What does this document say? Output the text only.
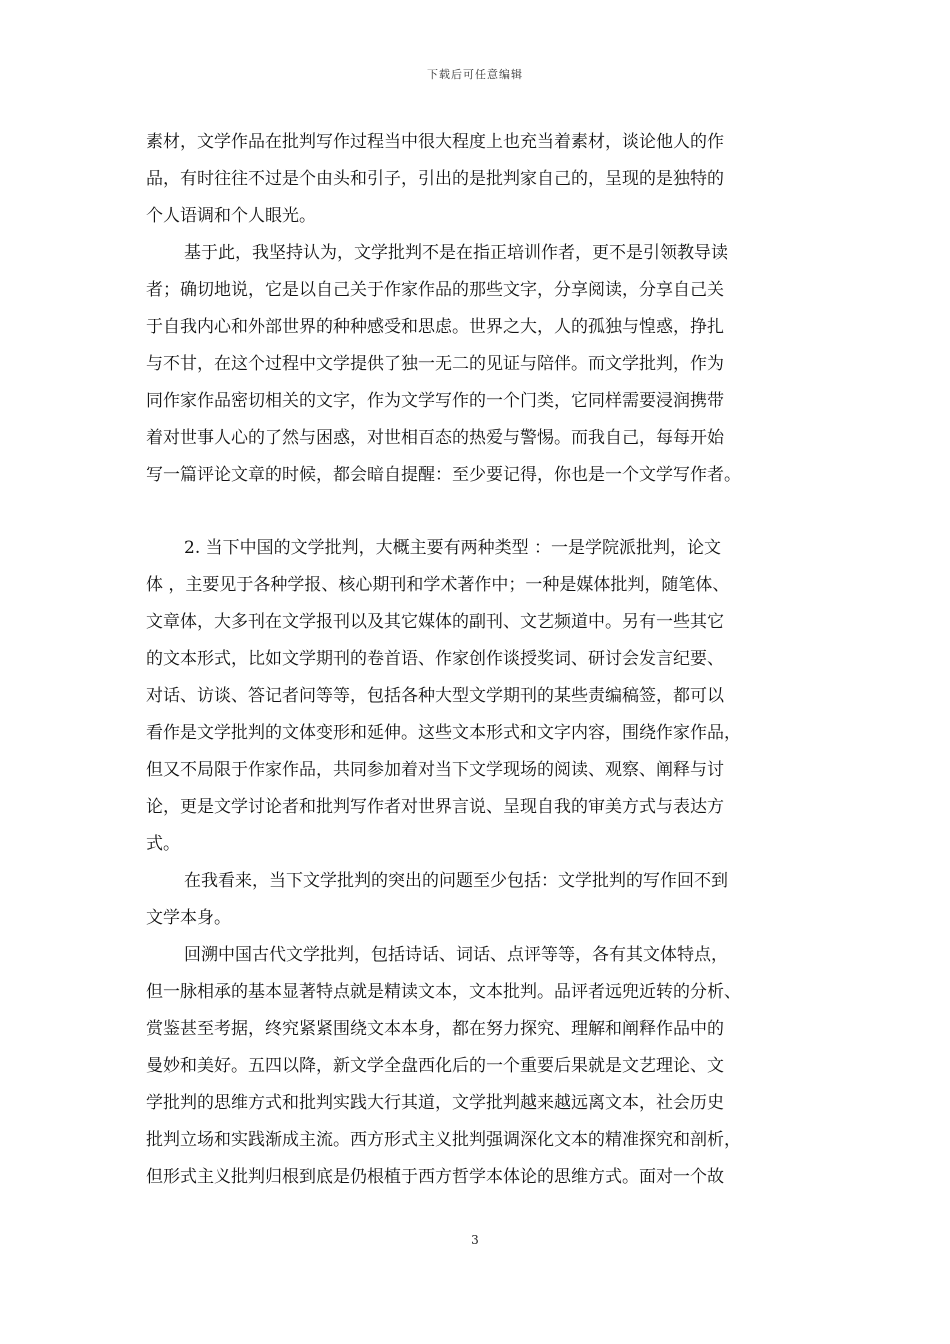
下载后可任意编辑
素材，文学作品在批判写作过程当中很大程度上也充当着素材，谈论他人的作
品，有时往往不过是个由头和引子，引出的是批判家自己的，呈现的是独特的
个人语调和个人眼光。
基于此，我坚持认为，文学批判不是在指正培训作者，更不是引领教导读
者；确切地说，它是以自己关于作家作品的那些文字，分享阅读，分享自己关
于自我内心和外部世界的种种感受和思虑。世界之大，人的孤独与惶惑，挣扎
与不甘，在这个过程中文学提供了独一无二的见证与陪伴。而文学批判，作为
同作家作品密切相关的文字，作为文学写作的一个门类，它同样需要浸润携带
着对世事人心的了然与困惑，对世相百态的热爱与警惕。而我自己，每每开始
写一篇评论文章的时候，都会暗自提醒：至少要记得，你也是一个文学写作者。
2. 当下中国的文学批判，大概主要有两种类型 ：一是学院派批判，论文
体 ，主要见于各种学报、核心期刊和学术著作中；一种是媒体批判，随笔体、
文章体，大多刊在文学报刊以及其它媒体的副刊、文艺频道中。另有一些其它
的文本形式，比如文学期刊的卷首语、作家创作谈授奖词、研讨会发言纪要、
对话、访谈、答记者问等等，包括各种大型文学期刊的某些责编稿签，都可以
看作是文学批判的文体变形和延伸。这些文本形式和文字内容，围绕作家作品，
但又不局限于作家作品，共同参加着对当下文学现场的阅读、观察、阐释与讨
论，更是文学讨论者和批判写作者对世界言说、呈现自我的审美方式与表达方
式。
在我看来，当下文学批判的突出的问题至少包括：文学批判的写作回不到
文学本身。
回溯中国古代文学批判，包括诗话、词话、点评等等，各有其文体特点，
但一脉相承的基本显著特点就是精读文本，文本批判。品评者远兜近转的分析、
赏鉴甚至考据，终究紧紧围绕文本本身，都在努力探究、理解和阐释作品中的
曼妙和美好。五四以降，新文学全盘西化后的一个重要后果就是文艺理论、文
学批判的思维方式和批判实践大行其道，文学批判越来越远离文本，社会历史
批判立场和实践渐成主流。西方形式主义批判强调深化文本的精准探究和剖析，
但形式主义批判归根到底是仍根植于西方哲学本体论的思维方式。面对一个故
3
